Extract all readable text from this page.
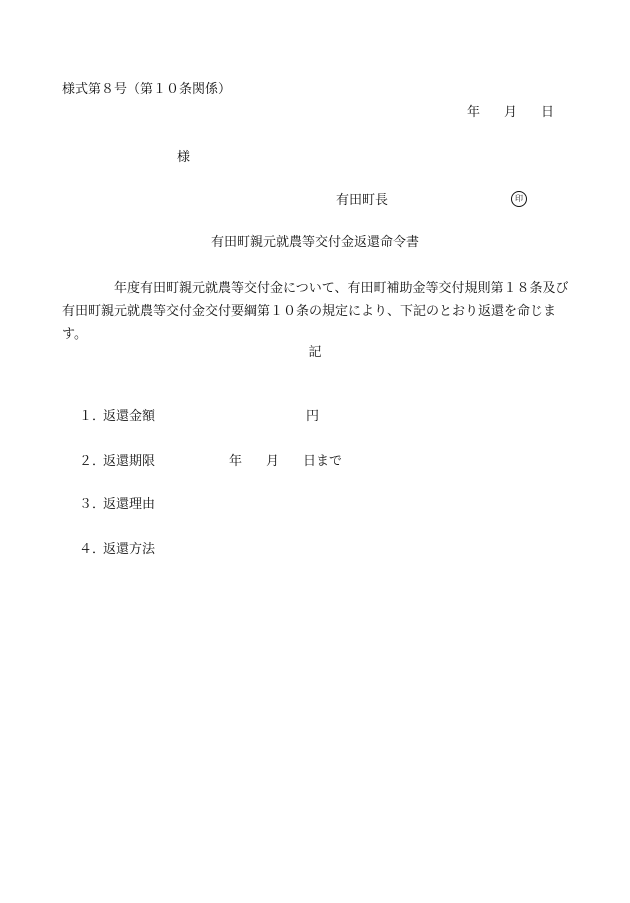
様式第８号（第１０条関係）
年 月 日
様
有田町長	印
有田町親元就農等交付金返還命令書
年度有田町親元就農等交付金について、有田町補助金等交付規則第１８条及び
有田町親元就農等交付金交付要綱第１０条の規定により、下記のとおり返還を命じます。
記
１．返還金額	円
２．返還期限	年 月 日まで
３．返還理由
４．返還方法
